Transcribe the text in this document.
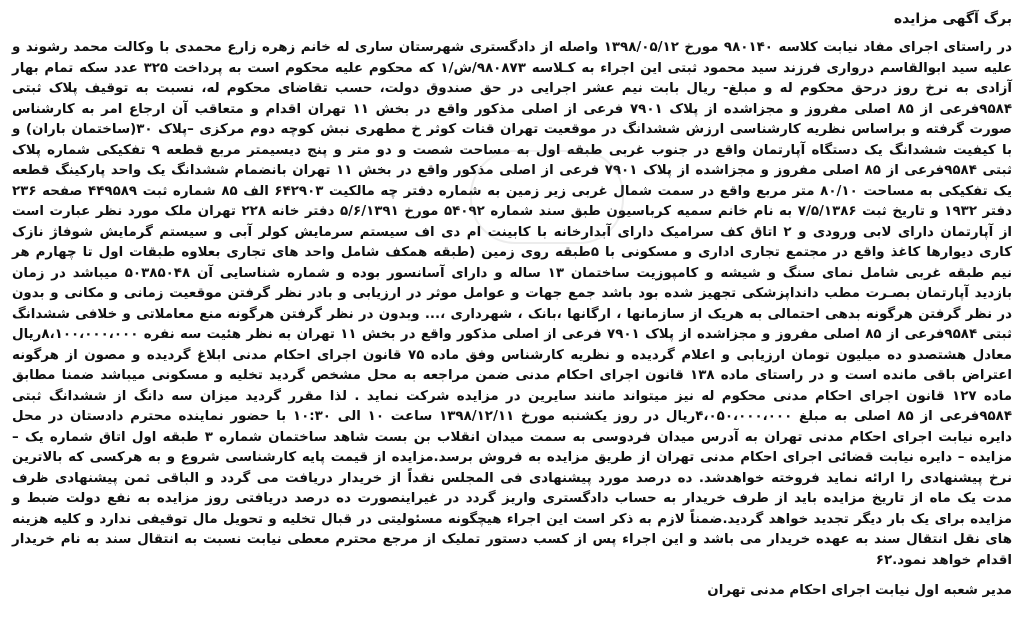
برگ آگهی مزایده

در راستای اجرای مفاد نیابت کلاسه ۹۸۰۱۴۰ مورخ ۱۳۹۸/۰۵/۱۲ واصله از دادگستری شهرستان ساری له خانم زهره زارع محمدی با وکالت محمد رشوند و علیه سید ابوالقاسم درواری فرزند سید محمود ثبتی این اجراء به کـلاسه ۹۸۰۸۷۳/ش/۱ که محکوم علیه محکوم است به پرداخت ۳۲۵ عدد سکه تمام بهار آزادی به نرخ روز درحق محکوم له و مبلغ- ریال بابت نیم عشر اجرایی در حق صندوق دولت، حسب تقاضای محکوم له، نسبت به توقیف پلاک ثبتی ۹۵۸۴فرعی از ۸۵ اصلی مفروز و مجزاشده از پلاک ۷۹۰۱ فرعی از اصلی مذکور واقع در بخش ۱۱ تهران اقدام و متعاقب آن ارجاع امر به کارشناس صورت گرفته و براساس نظریه کارشناسی ارزش ششدانگ در موقعیت تهران قنات کوثر خ مطهری نبش کوچه دوم مرکزی –پلاک ۳۰(ساختمان باران) و با کیفیت ششدانگ یک دستگاه آپارتمان واقع در جنوب غربی طبقه اول به مساحت شصت و دو متر و پنج دیسیمتر مربع قطعه ۹ تفکیکی شماره پلاک ثبتی ۹۵۸۴فرعی از ۸۵ اصلی مفروز و مجزاشده از پلاک ۷۹۰۱ فرعی از اصلی مذکور واقع در بخش ۱۱ تهران بانضمام ششدانگ یک واحد پارکینگ قطعه یک تفکیکی به مساحت ۸۰/۱۰ متر مربع واقع در سمت شمال غربی زیر زمین به شماره دفتر چه مالکیت ۶۴۲۹۰۳ الف ۸۵ شماره ثبت ۴۴۹۵۸۹ صفحه ۲۳۶ دفتر ۱۹۳۲ و تاریخ ثبت ۷/۵/۱۳۸۶ به نام خانم سمیه کرباسیون طبق سند شماره ۵۴۰۹۲ مورخ ۵/۶/۱۳۹۱ دفتر خانه ۲۲۸ تهران ملک مورد نظر عبارت است از آپارتمان دارای لابی ورودی و ۲ اتاق کف سرامیک دارای آبدارخانه با کابینت ام دی اف سیستم سرمایش کولر آبی و سیستم گرمایش شوفاژ نازک کاری دیوارها کاغذ واقع در مجتمع تجاری اداری و مسکونی با ۵طبقه روی زمین (طبقه همکف شامل واحد های تجاری بعلاوه طبقات اول تا چهارم هر نیم طبقه غربی شامل نمای سنگ و شیشه و کامپوزیت ساختمان ۱۳ ساله و دارای آسانسور بوده و شماره شناسایی آن ۵۰۳۸۵۰۴۸ میباشد در زمان بازدید آپارتمان بصـرت مطب دانداپزشکی تجهیز شده بود باشد جمع جهات و عوامل موثر در ارزیابی و بادر نظر گرفتن موقعیت زمانی و مکانی و بدون در نظر گرفتن هرگونه بدهی احتمالی به هریک از سازمانها ، ارگانها ،بانک ، شهرداری ،... وبدون در نظر گرفتن هرگونه منع معاملاتی و خلافی ششدانگ ثبتی ۹۵۸۴فرعی از ۸۵ اصلی مفروز و مجزاشده از پلاک ۷۹۰۱ فرعی از اصلی مذکور واقع در بخش ۱۱ تهران به نظر هئیت سه نفره ۸،۱۰۰،۰۰۰،۰۰۰ریال معادل هشتصدو ده میلیون تومان ارزیابی و اعلام گردیده و نظریه کارشناس وفق ماده ۷۵ قانون اجرای احکام مدنی ابلاغ گردیده و مصون از هرگونه اعتراض باقی مانده است و در راستای ماده ۱۳۸ قانون اجرای احکام مدنی ضمن مراجعه به محل مشخص گردید تخلیه و مسکونی میباشد ضمنا مطابق ماده ۱۲۷ قانون اجرای احکام مدنی محکوم له نیز میتواند مانند سایرین در مزایده شرکت نماید . لذا مقرر گردید میزان سه دانگ از ششدانگ ثبتی ۹۵۸۴فرعی از ۸۵ اصلی به مبلغ ۴،۰۵۰،۰۰۰،۰۰۰ریال در روز یکشنبه مورخ ۱۳۹۸/۱۲/۱۱ ساعت ۱۰ الی ۱۰:۳۰ با حضور نماینده محترم دادستان در محل دایره نیابت اجرای احکام مدنی تهران به آدرس میدان فردوسی به سمت میدان انقلاب بن بست شاهد ساختمان شماره ۳ طبقه اول اتاق شماره یک –مزایده – دایره نیابت قضائی اجرای احکام مدنی تهران از طریق مزایده به فروش برسد.مزایده از قیمت پایه کارشناسی شروع و به هرکسی که بالاترین نرخ پیشنهادی را ارائه نماید فروخته خواهدشد. ده درصد مورد پیشنهادی فی المجلس نقداً از خریدار دریافت می گردد و الباقی ثمن پیشنهادی ظرف مدت یک ماه از تاریخ مزایده باید از طرف خریدار به حساب دادگستری واریز گردد در غیراینصورت ده درصد دریافتی روز مزایده به نفع دولت ضبط و مزایده برای یک بار دیگر تجدید خواهد گردید.ضمناً لازم به ذکر است این اجراء هیچگونه مسئولیتی در قبال تخلیه و تحویل مال توقیفی ندارد و کلیه هزینه های نقل انتقال سند به عهده خریدار می باشد و این اجراء پس از کسب دستور تملیک از مرجع محترم معطی نیابت نسبت به انتقال سند به نام خریدار اقدام خواهد نمود.۶۲

مدیر شعبه اول نیابت اجرای احکام مدنی تهران
